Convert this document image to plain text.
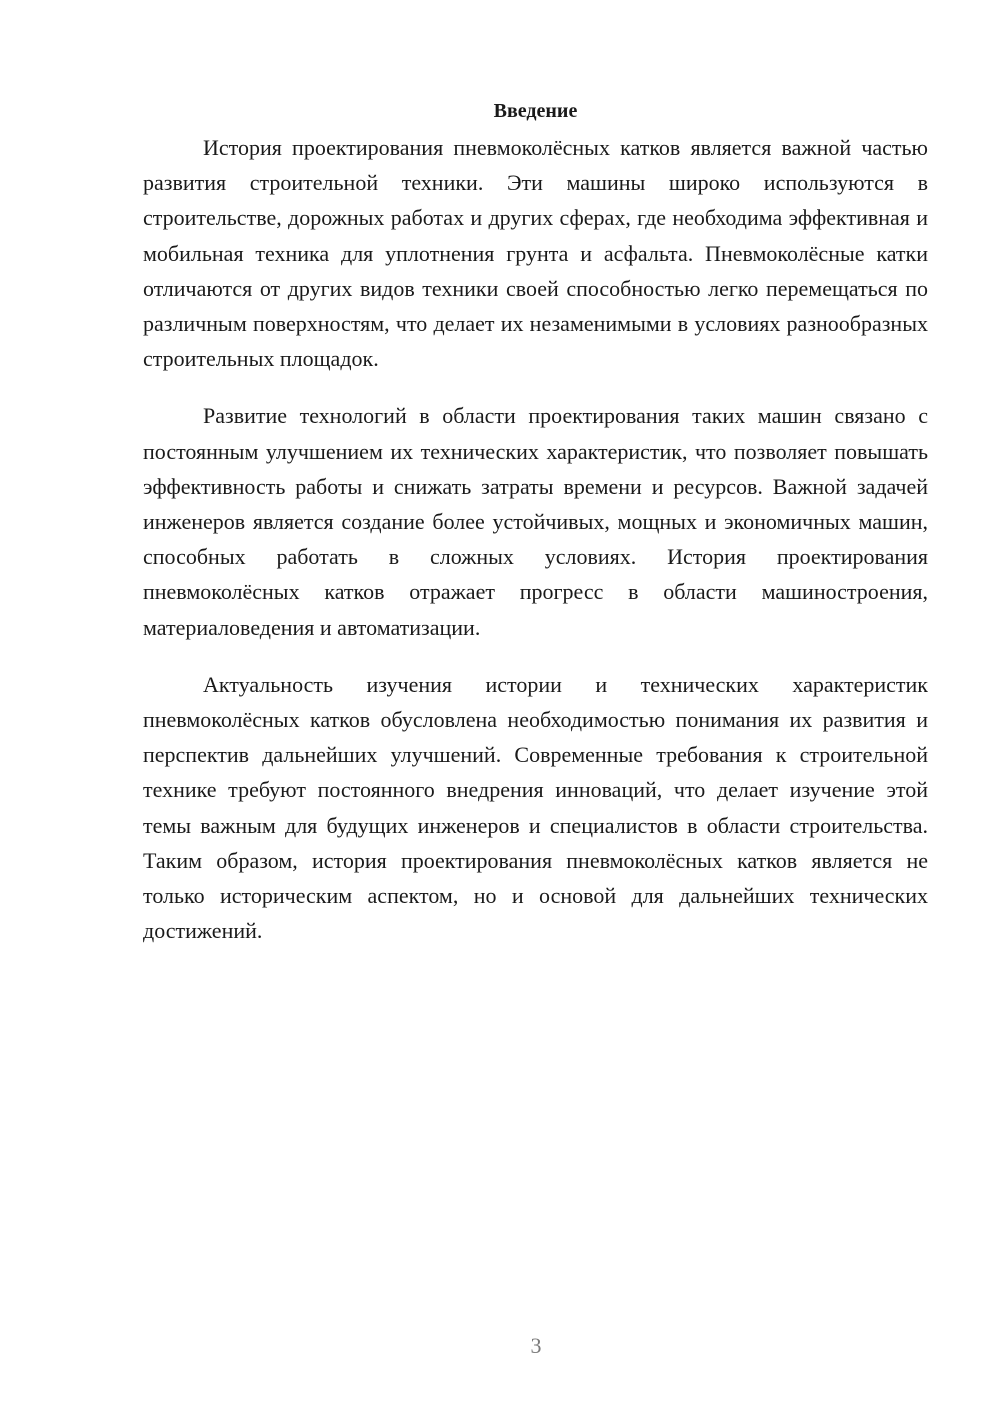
Введение

История проектирования пневмоколёсных катков является важной частью развития строительной техники. Эти машины широко используются в строительстве, дорожных работах и других сферах, где необходима эффективная и мобильная техника для уплотнения грунта и асфальта. Пневмоколёсные катки отличаются от других видов техники своей способностью легко перемещаться по различным поверхностям, что делает их незаменимыми в условиях разнообразных строительных площадок.

Развитие технологий в области проектирования таких машин связано с постоянным улучшением их технических характеристик, что позволяет повышать эффективность работы и снижать затраты времени и ресурсов. Важной задачей инженеров является создание более устойчивых, мощных и экономичных машин, способных работать в сложных условиях. История проектирования пневмоколёсных катков отражает прогресс в области машиностроения, материаловедения и автоматизации.

Актуальность изучения истории и технических характеристик пневмоколёсных катков обусловлена необходимостью понимания их развития и перспектив дальнейших улучшений. Современные требования к строительной технике требуют постоянного внедрения инноваций, что делает изучение этой темы важным для будущих инженеров и специалистов в области строительства. Таким образом, история проектирования пневмоколёсных катков является не только историческим аспектом, но и основой для дальнейших технических достижений.

3
